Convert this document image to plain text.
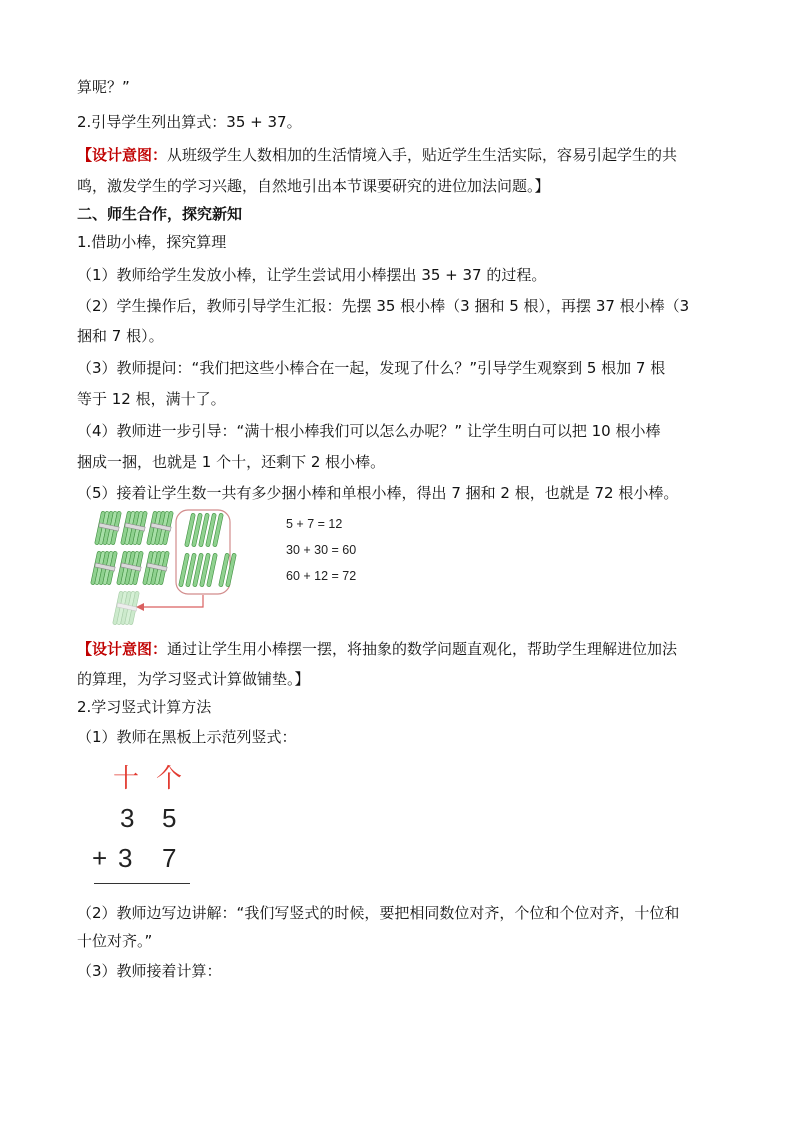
算呢？”
2.引导学生列出算式：35 + 37。
【设计意图：从班级学生人数相加的生活情境入手，贴近学生生活实际，容易引起学生的共
鸣，激发学生的学习兴趣，自然地引出本节课要研究的进位加法问题。】
二、师生合作，探究新知
1.借助小棒，探究算理
（1）教师给学生发放小棒，让学生尝试用小棒摆出 35 + 37 的过程。
（2）学生操作后，教师引导学生汇报：先摆 35 根小棒（3 捆和 5 根），再摆 37 根小棒（3
捆和 7 根）。
（3）教师提问：“我们把这些小棒合在一起，发现了什么？”引导学生观察到 5 根加 7 根
等于 12 根，满十了。
（4）教师进一步引导：“满十根小棒我们可以怎么办呢？” 让学生明白可以把 10 根小棒
捆成一捆，也就是 1 个十，还剩下 2 根小棒。
（5）接着让学生数一共有多少捆小棒和单根小棒，得出 7 捆和 2 根，也就是 72 根小棒。
5 + 7 = 12
30 + 30 = 60
60 + 12 = 72
【设计意图：通过让学生用小棒摆一摆，将抽象的数学问题直观化，帮助学生理解进位加法
的算理，为学习竖式计算做铺垫。】
2.学习竖式计算方法
（1）教师在黑板上示范列竖式：
十 个
3 5
+ 3 7
（2）教师边写边讲解：“我们写竖式的时候，要把相同数位对齐，个位和个位对齐，十位和
十位对齐。”
（3）教师接着计算：
